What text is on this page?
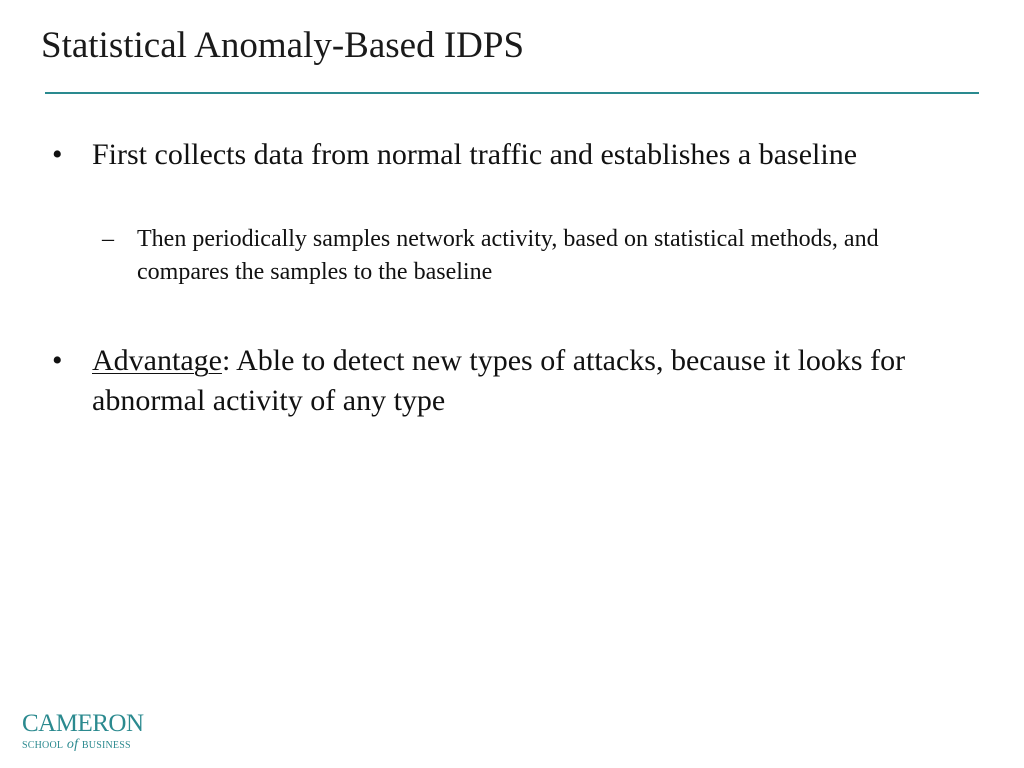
Statistical Anomaly-Based IDPS
• First collects data from normal traffic and establishes a baseline
– Then periodically samples network activity, based on statistical methods, and compares the samples to the baseline
• Advantage: Able to detect new types of attacks, because it looks for abnormal activity of any type
CAMERON
school of business
